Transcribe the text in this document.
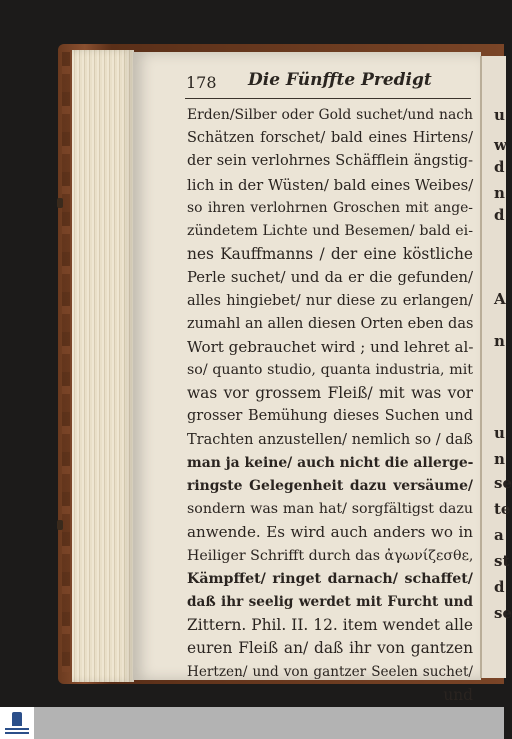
u
w
d
n
d
A
n
u
n
se
te
a
st
d
se
178 Die Fünffte Predigt
Erden/Silber oder Gold suchet/und nach
Schätzen forschet/ bald eines Hirtens/
der sein verlohrnes Schäfflein ängstig-
lich in der Wüsten/ bald eines Weibes/
so ihren verlohrnen Groschen mit ange-
zündetem Lichte und Besemen/ bald ei-
nes Kauffmanns / der eine köstliche
Perle suchet/ und da er die gefunden/
alles hingiebet/ nur diese zu erlangen/
zumahl an allen diesen Orten eben das
Wort gebrauchet wird ; und lehret al-
so/ quanto studio, quanta industria, mit
was vor grossem Fleiß/ mit was vor
grosser Bemühung dieses Suchen und
Trachten anzustellen/ nemlich so / daß
man ja keine/ auch nicht die allerge-
ringste Gelegenheit dazu versäume/
sondern was man hat/ sorgfältigst dazu
anwende. Es wird auch anders wo in
Heiliger Schrifft durch das ἀγωνίζεσθε,
Kämpffet/ ringet darnach/ schaffet/
daß ihr seelig werdet mit Furcht und
Zittern. Phil. II. 12. item wendet alle
euren Fleiß an/ daß ihr von gantzen
Hertzen/ und von gantzer Seelen suchet/
und
